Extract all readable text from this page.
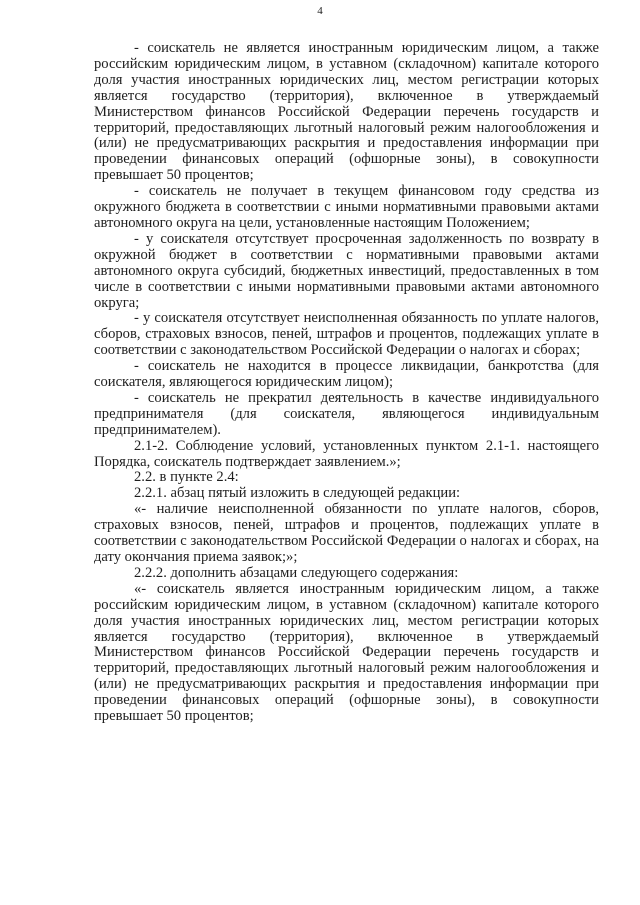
4

- соискатель не является иностранным юридическим лицом, а также российским юридическим лицом, в уставном (складочном) капитале которого доля участия иностранных юридических лиц, местом регистрации которых является государство (территория), включенное в утверждаемый Министерством финансов Российской Федерации перечень государств и территорий, предоставляющих льготный налоговый режим налогообложения и (или) не предусматривающих раскрытия и предоставления информации при проведении финансовых операций (офшорные зоны), в совокупности превышает 50 процентов;

- соискатель не получает в текущем финансовом году средства из окружного бюджета в соответствии с иными нормативными правовыми актами автономного округа на цели, установленные настоящим Положением;

- у соискателя отсутствует просроченная задолженность по возврату в окружной бюджет в соответствии с нормативными правовыми актами автономного округа субсидий, бюджетных инвестиций, предоставленных в том числе в соответствии с иными нормативными правовыми актами автономного округа;

- у соискателя отсутствует неисполненная обязанность по уплате налогов, сборов, страховых взносов, пеней, штрафов и процентов, подлежащих уплате в соответствии с законодательством Российской Федерации о налогах и сборах;

- соискатель не находится в процессе ликвидации, банкротства (для соискателя, являющегося юридическим лицом);

- соискатель не прекратил деятельность в качестве индивидуального предпринимателя (для соискателя, являющегося индивидуальным предпринимателем).

2.1-2. Соблюдение условий, установленных пунктом 2.1-1. настоящего Порядка, соискатель подтверждает заявлением.»;

2.2. в пункте 2.4:

2.2.1. абзац пятый изложить в следующей редакции:

«- наличие неисполненной обязанности по уплате налогов, сборов, страховых взносов, пеней, штрафов и процентов, подлежащих уплате в соответствии с законодательством Российской Федерации о налогах и сборах, на дату окончания приема заявок;»;

2.2.2. дополнить абзацами следующего содержания:

«- соискатель является иностранным юридическим лицом, а также российским юридическим лицом, в уставном (складочном) капитале которого доля участия иностранных юридических лиц, местом регистрации которых является государство (территория), включенное в утверждаемый Министерством финансов Российской Федерации перечень государств и территорий, предоставляющих льготный налоговый режим налогообложения и (или) не предусматривающих раскрытия и предоставления информации при проведении финансовых операций (офшорные зоны), в совокупности превышает 50 процентов;
